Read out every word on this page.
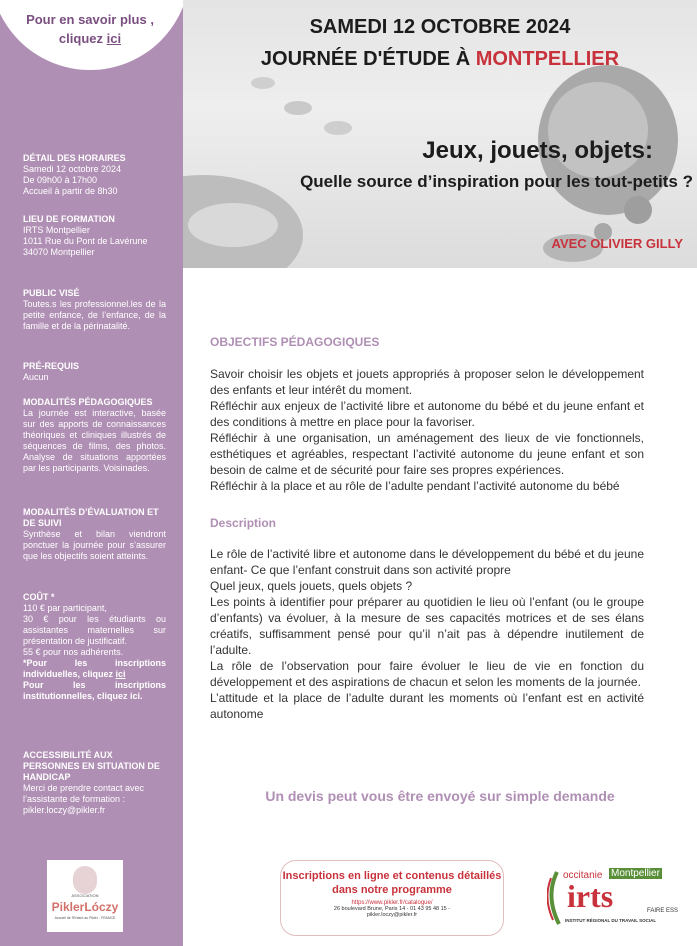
Pour en savoir plus ,
cliquez ici
DÉTAIL DES HORAIRES

Samedi 12 octobre 2024

De 09h00 à 17h00

Accueil à partir de 8h30

LIEU DE FORMATION

IRTS Montpellier

1011 Rue du Pont de Lavérune

34070 Montpellier

PUBLIC VISÉ

Toutes.s les professionnel.les de la petite enfance, de l’enfance, de la famille et de la périnatalité.

PRÉ-REQUIS

Aucun

MODALITÉS PÉDAGOGIQUES

La journée est interactive, basée sur des apports de connaissances théoriques et cliniques illustrés de séquences de films, des photos. Analyse de situations apportées par les participants. Voisinades.

MODALITÉS D’ÉVALUATION ET DE SUIVI

Synthèse et bilan viendront ponctuer la journée pour s’assurer que les objectifs soient atteints.

COÛT *

110 € par participant,

30 € pour les étudiants ou assistantes maternelles sur présentation de justificatif.

55 € pour nos adhérents.

*Pour les inscriptions individuelles, cliquez ici

Pour les inscriptions institutionnelles, cliquez ici.

ACCESSIBILITÉ AUX PERSONNES EN SITUATION DE HANDICAP

Merci de prendre contact avec l’assistante de formation :

pikler.loczy@pikler.fr

ASSOCIATION
PiklerLóczy
Accueil de l'Enfant au Pikler - FRANCE
SAMEDI 12 OCTOBRE 2024
JOURNÉE D'ÉTUDE À MONTPELLIER
Jeux, jouets, objets:
Quelle source d’inspiration pour les tout-petits ?
AVEC OLIVIER GILLY
OBJECTIFS PÉDAGOGIQUES

Savoir choisir les objets et jouets appropriés à proposer selon le développement des enfants et leur intérêt du moment.

Réfléchir aux enjeux de l’activité libre et autonome du bébé et du jeune enfant et des conditions à mettre en place pour la favoriser.

Réfléchir à une organisation, un aménagement des lieux de vie fonctionnels, esthétiques et agréables, respectant l’activité autonome du jeune enfant et son besoin de calme et de sécurité pour faire ses propres expériences.

Réfléchir à la place et au rôle de l’adulte pendant l’activité autonome du bébé

Description

Le rôle de l’activité libre et autonome dans le développement du bébé et du jeune enfant- Ce que l’enfant construit dans son activité propre

Quel jeux, quels jouets, quels objets ?

Les points à identifier pour préparer au quotidien le lieu où l’enfant (ou le groupe d’enfants) va évoluer, à la mesure de ses capacités motrices et de ses élans créatifs, suffisamment pensé pour qu’il n’ait pas à dépendre inutilement de l’adulte.

La rôle de l’observation pour faire évoluer le lieu de vie en fonction du développement et des aspirations de chacun et selon les moments de la journée.

L’attitude et la place de l’adulte durant les moments où l’enfant est en activité autonome

Un devis peut vous être envoyé sur simple demande
Inscriptions en ligne et contenus détaillés
dans notre programme
https://www.pikler.fr/catalogue/
26 boulevard Brune, Paris 14 - 01 43 95 48 15 -
pikler.loczy@pikler.fr
occitanie Montpellier
irts	FAIRE ESS
INSTITUT RÉGIONAL DU TRAVAIL SOCIAL
